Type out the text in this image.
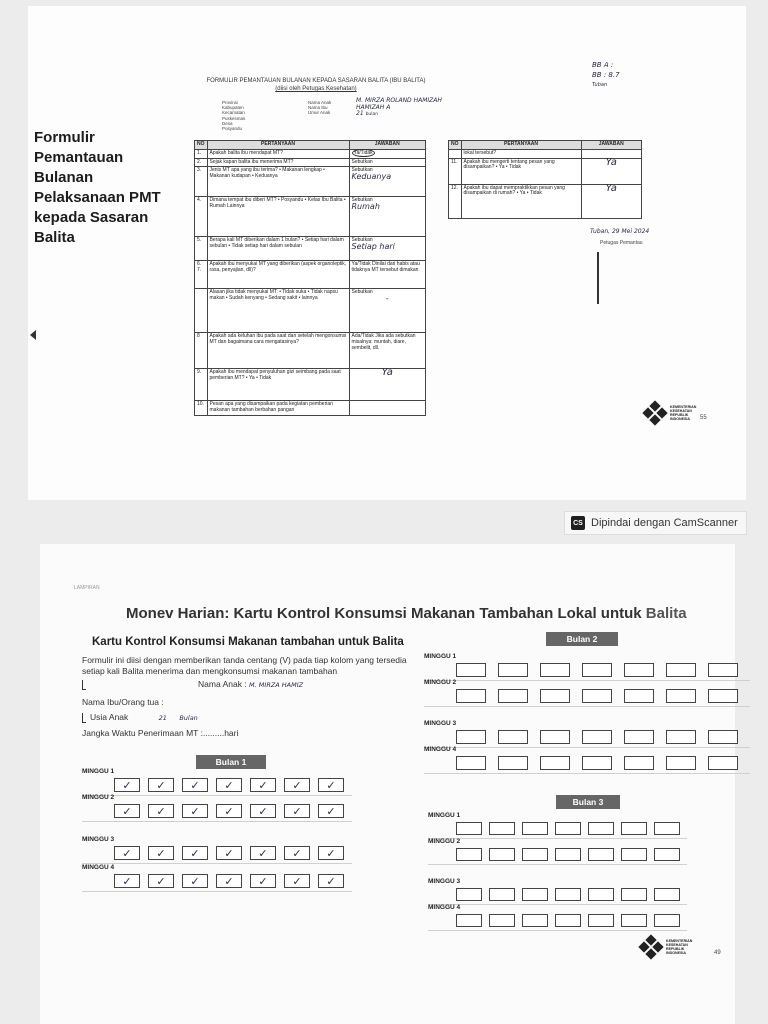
Formulir
Pemantauan
Bulanan
Pelaksanaan PMT
kepada Sasaran
Balita
FORMULIR PEMANTAUAN BULANAN KEPADA SASARAN BALITA (IBU BALITA)
(diisi oleh Petugas Kesehatan)
Provinsi
Kabupaten
Kecamatan
Puskesmas
Desa
Posyandu
Nama Anak
Nama Ibu
Umur Anak
M. MIRZA ROLAND HAMIZAH
HAMIZAH A
21 bulan
BB A :
BB : 8.7
Tuban
NO	PERTANYAAN	JAWABAN
1.	Apakah balita ibu mendapat MT?	Ya/Tidak
2.	Sejak kapan balita ibu menerima MT?	Sebutkan
3.	Jenis MT apa yang ibu terima? • Makanan lengkap • Makanan kudapan • Keduanya	Sebutkan
Keduanya

4.	Dimana tempat ibu diberi MT? • Posyandu • Kelas Ibu Balita • Rumah Lainnya	Sebutkan
Rumah

5.	Berapa kali MT diberikan dalam 1 bulan? • Setiap hari dalam sebulan • Tidak setiap hari dalam sebulan	Sebutkan
Setiap hari

6. 7.	Apakah ibu menyukai MT yang diberikan (aspek organoleptik, rasa, penyajian, dll)?	Ya/Tidak Dinilai dari habis atau tidaknya MT tersebut dimakan
	Alasan jika tidak menyukai MT: • Tidak suka • Tidak napsu makan • Sudah kenyang • Sedang sakit • lainnya	Sebutkan
-

8	Apakah ada keluhan ibu pada saat dan setelah mengonsumsi MT dan bagaimana cara mengatasinya?	Ada/Tidak Jika ada sebutkan misalnya: muntah, diare, sembelit, dll.
9.	Apakah ibu mendapat penyuluhan gizi seimbang pada saat pemberian MT? • Ya • Tidak	Ya

10.	Pesan apa yang disampaikan pada kegiatan pemberian makanan tambahan berbahan pangan	
NO	PERTANYAAN	JAWABAN
	lokal tersebut?	
11.	Apakah ibu mengerti tentang pesan yang disampaikan? • Ya • Tidak	Ya

12.	Apakah ibu dapat mempraktikkan pesan yang disampaikan di rumah? • Ya • Tidak	Ya
Tuban, 29 Mei 2024
Petugas Pemantau
KEMENTERIAN
KESEHATAN
REPUBLIK
INDONESIA	55
CS Dipindai dengan CamScanner
LAMPIRAN
Monev Harian: Kartu Kontrol Konsumsi Makanan Tambahan Lokal untuk Balita
Kartu Kontrol Konsumsi Makanan tambahan untuk Balita
Formulir ini diisi dengan memberikan tanda centang (V) pada tiap kolom yang tersedia setiap kali Balita menerima dan mengkonsumsi makanan tambahan
Nama Anak : M. MIRZA HAMIZ
Nama Ibu/Orang tua :
Usia Anak	21 Bulan
Jangka Waktu Penerimaan MT :.........hari
Bulan 1
Bulan 2
Bulan 3
KEMENTERIAN
KESEHATAN
REPUBLIK
INDONESIA	49
MINGGU 1
✓	✓	✓	✓	✓	✓	✓
MINGGU 2
✓	✓	✓	✓	✓	✓	✓
MINGGU 3
✓	✓	✓	✓	✓	✓	✓
MINGGU 4
✓	✓	✓	✓	✓	✓	✓
MINGGU 1
MINGGU 2
MINGGU 3
MINGGU 4
MINGGU 1
MINGGU 2
MINGGU 3
MINGGU 4
